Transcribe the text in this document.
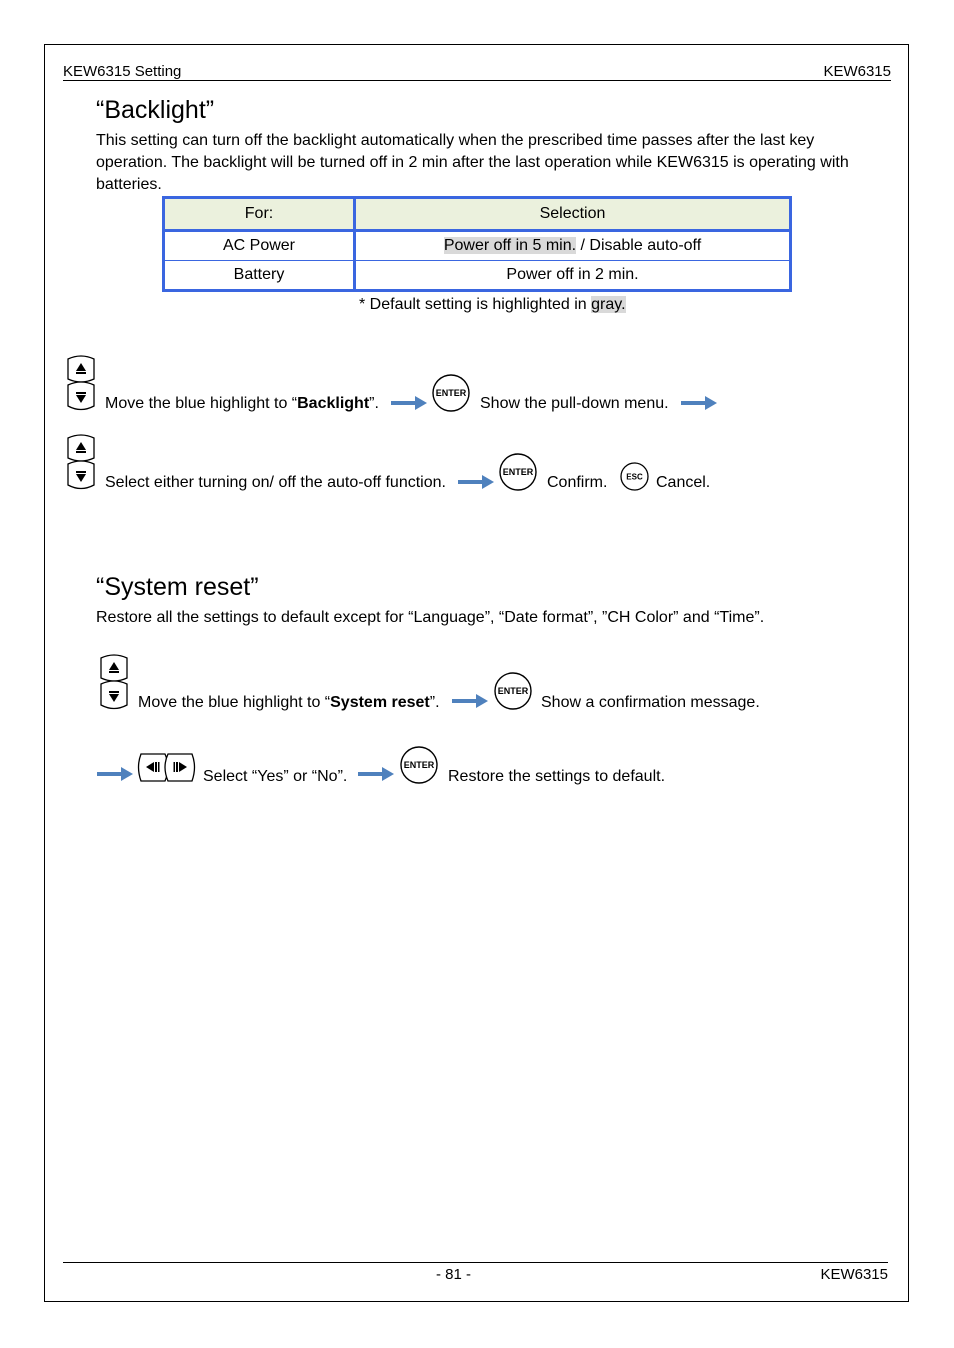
KEW6315 Setting	KEW6315
“Backlight”
This setting can turn off the backlight automatically when the prescribed time passes after the last key
operation. The backlight will be turned off in 2 min after the last operation while KEW6315 is operating with
batteries.
For:	Selection
AC Power	Power off in 5 min. / Disable auto-off
Battery	Power off in 2 min.
* Default setting is highlighted in gray.
Move the blue highlight to “Backlight”.
ENTER
Show the pull-down menu.
Select either turning on/ off the auto-off function.
ENTER
Confirm. ESC Cancel.
“System reset”
Restore all the settings to default except for “Language”, “Date format”, ”CH Color” and “Time”.
Move the blue highlight to “System reset”.
ENTER
Show a confirmation message.
Select “Yes” or “No”.
ENTER
Restore the settings to default.
- 81 -	KEW6315
